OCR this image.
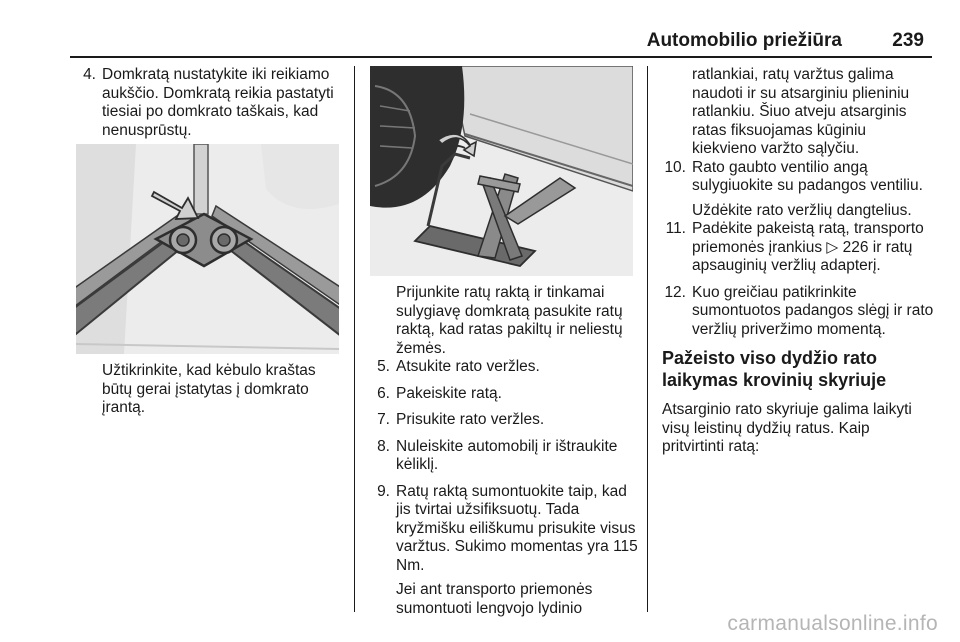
Automobilio priežiūra	239
4. Domkratą nustatykite iki reikiamo aukščio. Domkratą reikia pastatyti tiesiai po domkrato taškais, kad nenusprūstų.

Užtikrinkite, kad kėbulo kraštas būtų gerai įstatytas į domkrato įrantą.

Prijunkite ratų raktą ir tinkamai sulygiavę domkratą pasukite ratų raktą, kad ratas pakiltų ir neliestų žemės.

5. Atsukite rato veržles.
6. Pakeiskite ratą.
7. Prisukite rato veržles.
8. Nuleiskite automobilį ir ištraukite kėliklį.
9. Ratų raktą sumontuokite taip, kad jis tvirtai užsifiksuotų. Tada kryžmišku eiliškumu prisukite visus varžtus. Sukimo momentas yra 115 Nm.

Jei ant transporto priemonės sumontuoti lengvojo lydinio

ratlankiai, ratų varžtus galima naudoti ir su atsarginiu plieniniu ratlankiu. Šiuo atveju atsarginis ratas fiksuojamas kūginiu kiekvieno varžto sąlyčiu.

10. Rato gaubto ventilio angą sulygiuokite su padangos ventiliu.

Uždėkite rato veržlių dangtelius.

11. Padėkite pakeistą ratą, transporto priemonės įrankius ▷ 226 ir ratų apsauginių veržlių adapterį.
12. Kuo greičiau patikrinkite sumontuotos padangos slėgį ir rato veržlių priveržimo momentą.
Pažeisto viso dydžio rato laikymas krovinių skyriuje

Atsarginio rato skyriuje galima laikyti visų leistinų dydžių ratus. Kaip pritvirtinti ratą:

carmanualsonline.info
